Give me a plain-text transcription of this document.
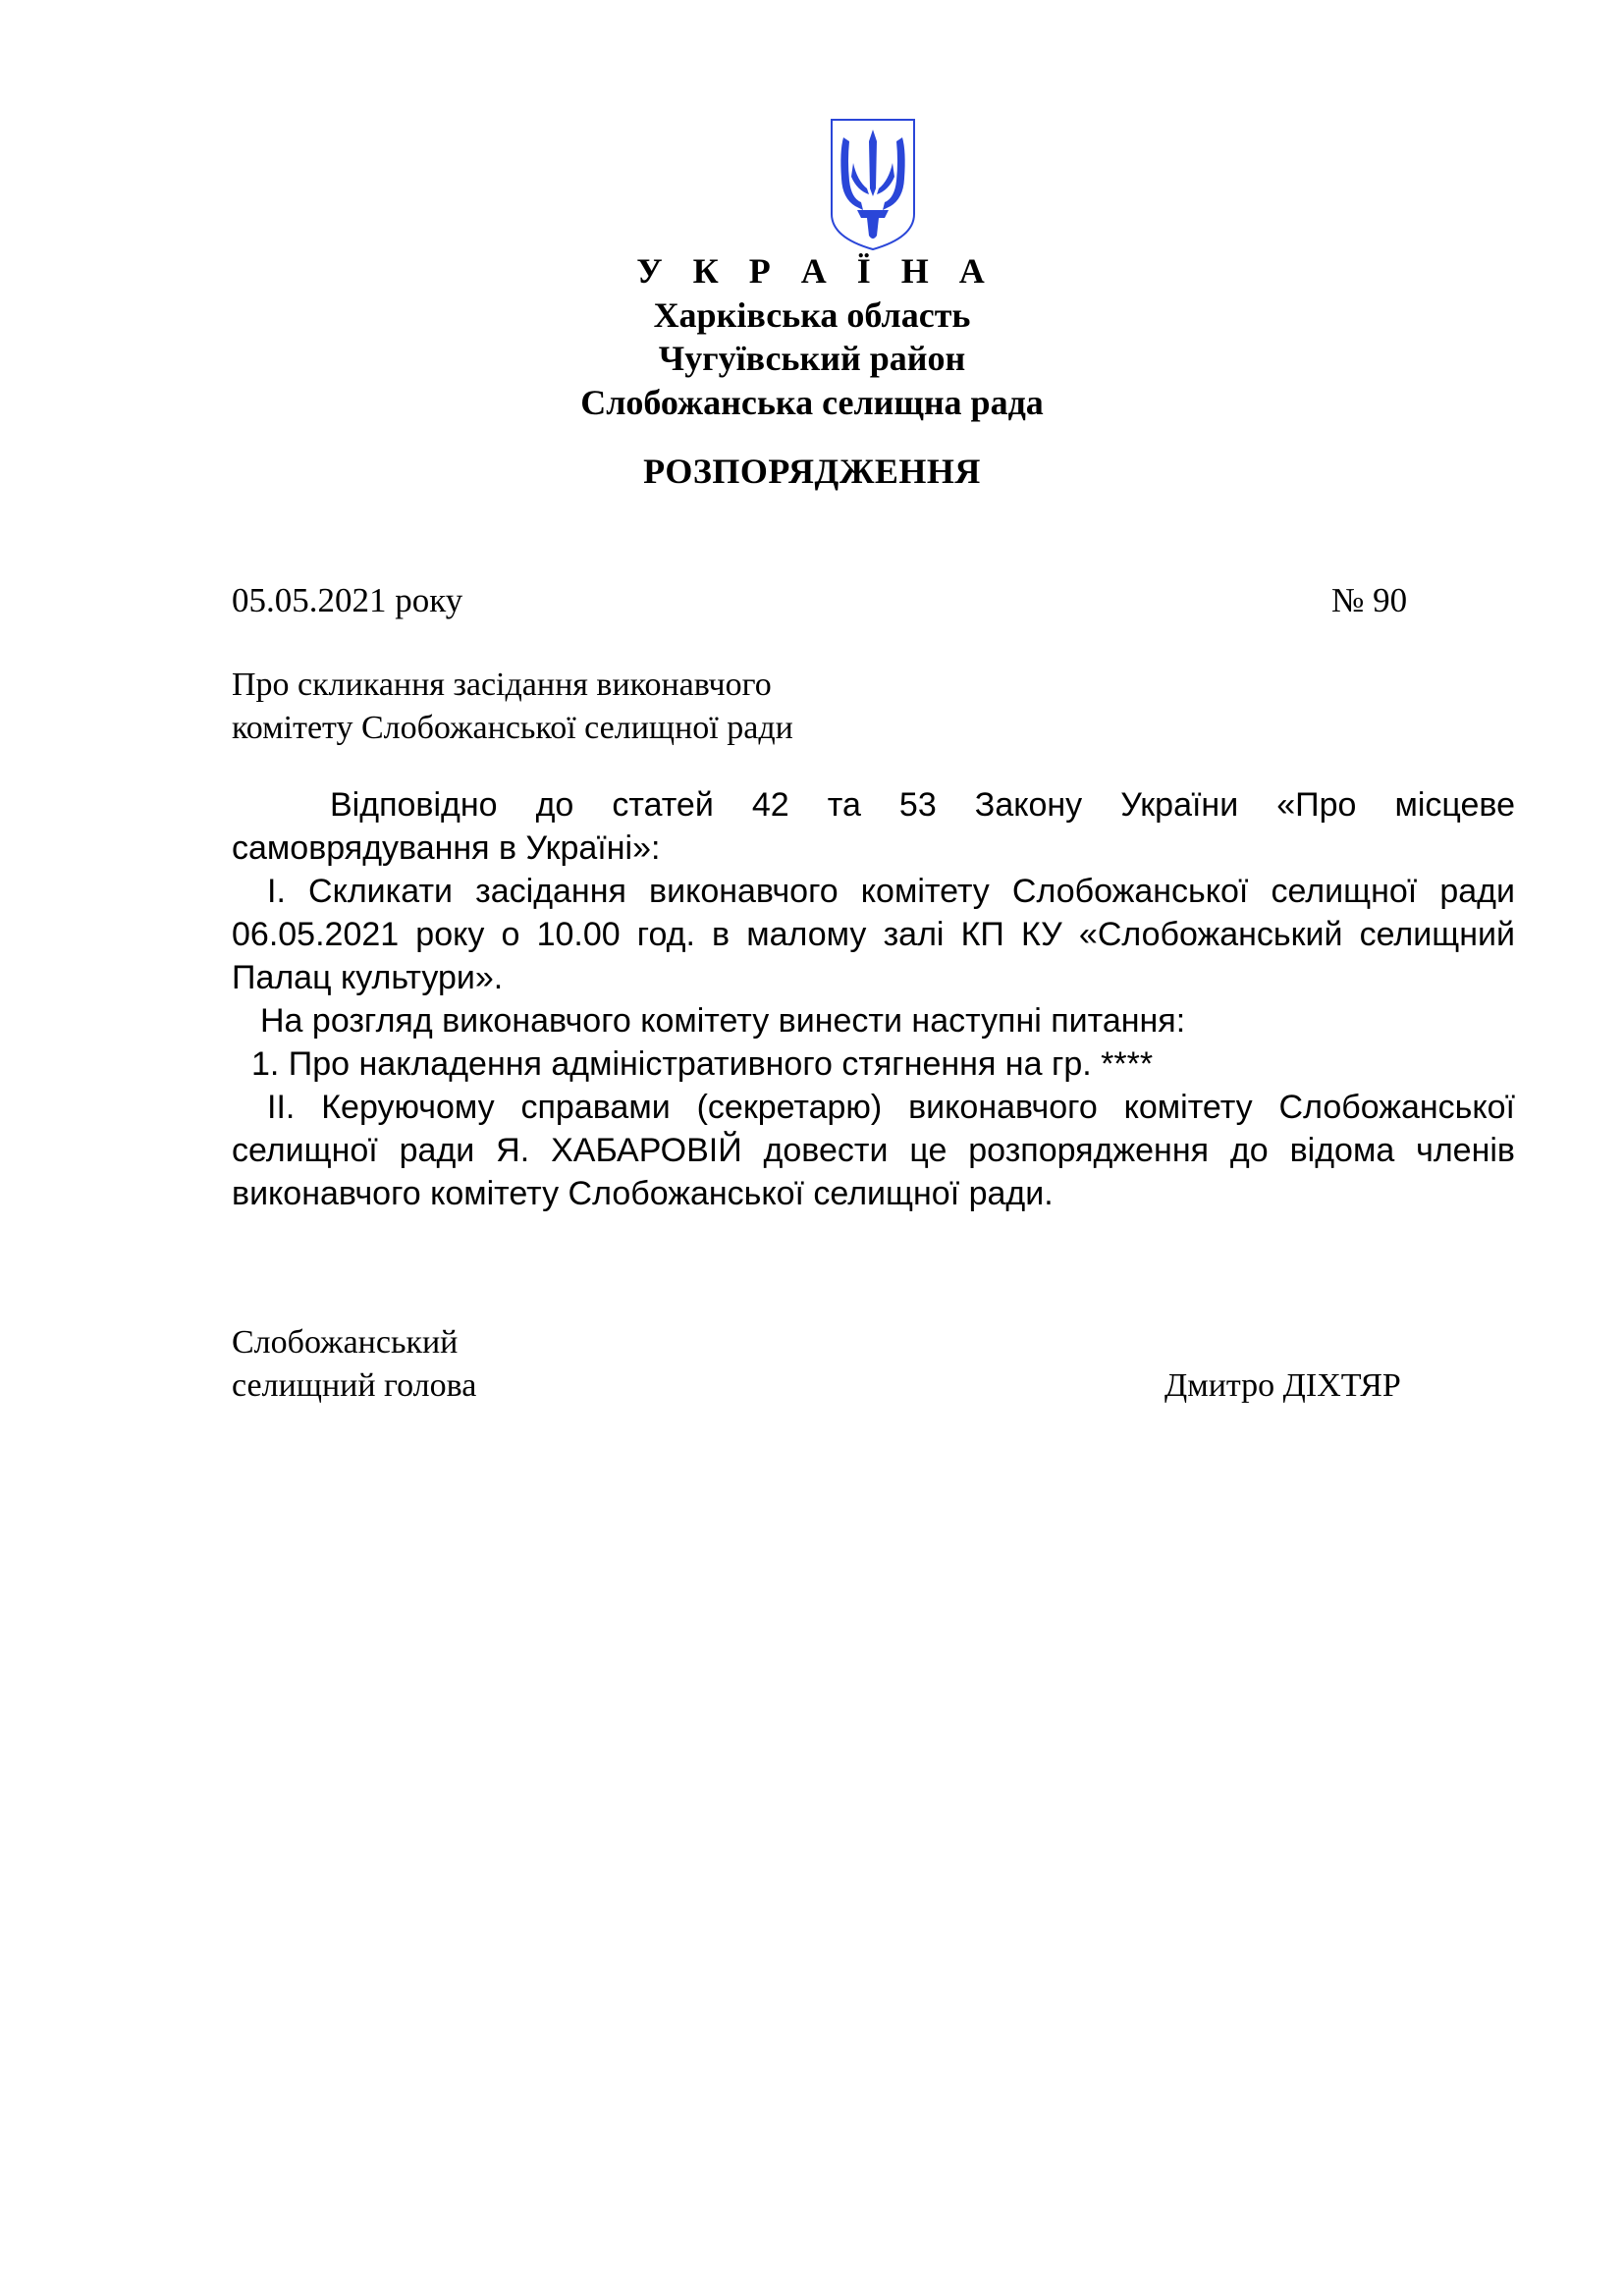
У К Р А Ї Н А
Харківська область
Чугуївський район
Слобожанська селищна рада
РОЗПОРЯДЖЕННЯ
05.05.2021 року	№ 90
Про скликання засідання виконавчого
комітету Слобожанської селищної ради

Відповідно до статей 42 та 53 Закону України «Про місцеве самоврядування в Україні»:

І. Скликати засідання виконавчого комітету Слобожанської селищної ради 06.05.2021 року о 10.00 год. в малому залі КП КУ «Слобожанський селищний Палац культури».

На розгляд виконавчого комітету винести наступні питання:

1. Про накладення адміністративного стягнення на гр. ****

ІІ. Керуючому справами (секретарю) виконавчого комітету Слобожанської селищної ради Я. ХАБАРОВІЙ довести це розпорядження до відома членів виконавчого комітету Слобожанської селищної ради.

Слобожанський
селищний голова	Дмитро ДІХТЯР
